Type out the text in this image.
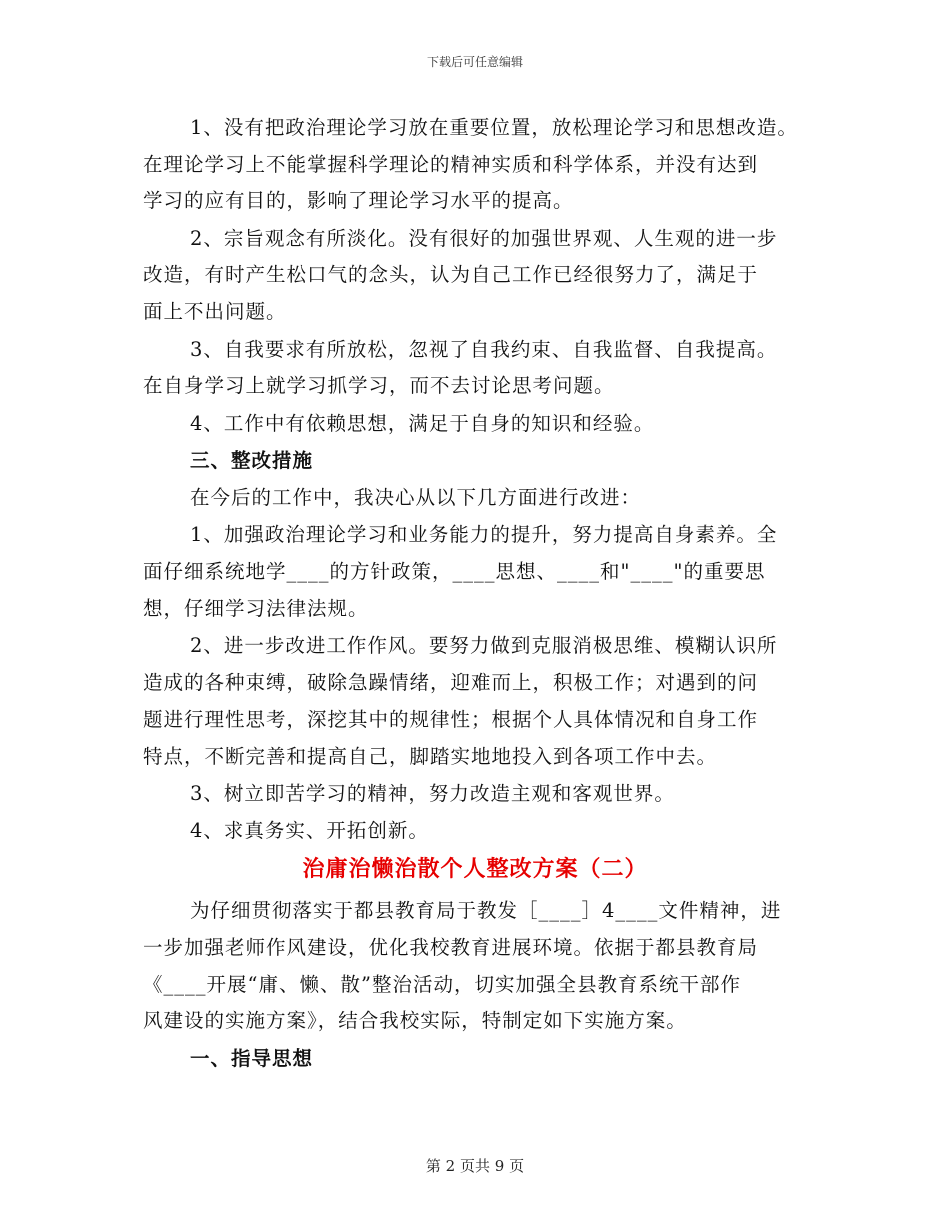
下载后可任意编辑
1、没有把政治理论学习放在重要位置，放松理论学习和思想改造。
在理论学习上不能掌握科学理论的精神实质和科学体系，并没有达到
学习的应有目的，影响了理论学习水平的提高。
2、宗旨观念有所淡化。没有很好的加强世界观、人生观的进一步
改造，有时产生松口气的念头，认为自己工作已经很努力了，满足于
面上不出问题。
3、自我要求有所放松，忽视了自我约束、自我监督、自我提高。
在自身学习上就学习抓学习，而不去讨论思考问题。
4、工作中有依赖思想，满足于自身的知识和经验。
三、整改措施
在今后的工作中，我决心从以下几方面进行改进：
1、加强政治理论学习和业务能力的提升，努力提高自身素养。全
面仔细系统地学____的方针政策，____思想、____和"____"的重要思
想，仔细学习法律法规。
2、进一步改进工作作风。要努力做到克服消极思维、模糊认识所
造成的各种束缚，破除急躁情绪，迎难而上，积极工作；对遇到的问
题进行理性思考，深挖其中的规律性；根据个人具体情况和自身工作
特点，不断完善和提高自己，脚踏实地地投入到各项工作中去。
3、树立即苦学习的精神，努力改造主观和客观世界。
4、求真务实、开拓创新。
治庸治懒治散个人整改方案（二）
为仔细贯彻落实于都县教育局于教发［____］4____文件精神，进
一步加强老师作风建设，优化我校教育进展环境。依据于都县教育局
《____开展“庸、懒、散”整治活动，切实加强全县教育系统干部作
风建设的实施方案》，结合我校实际，特制定如下实施方案。
一、指导思想
第 2 页共 9 页
